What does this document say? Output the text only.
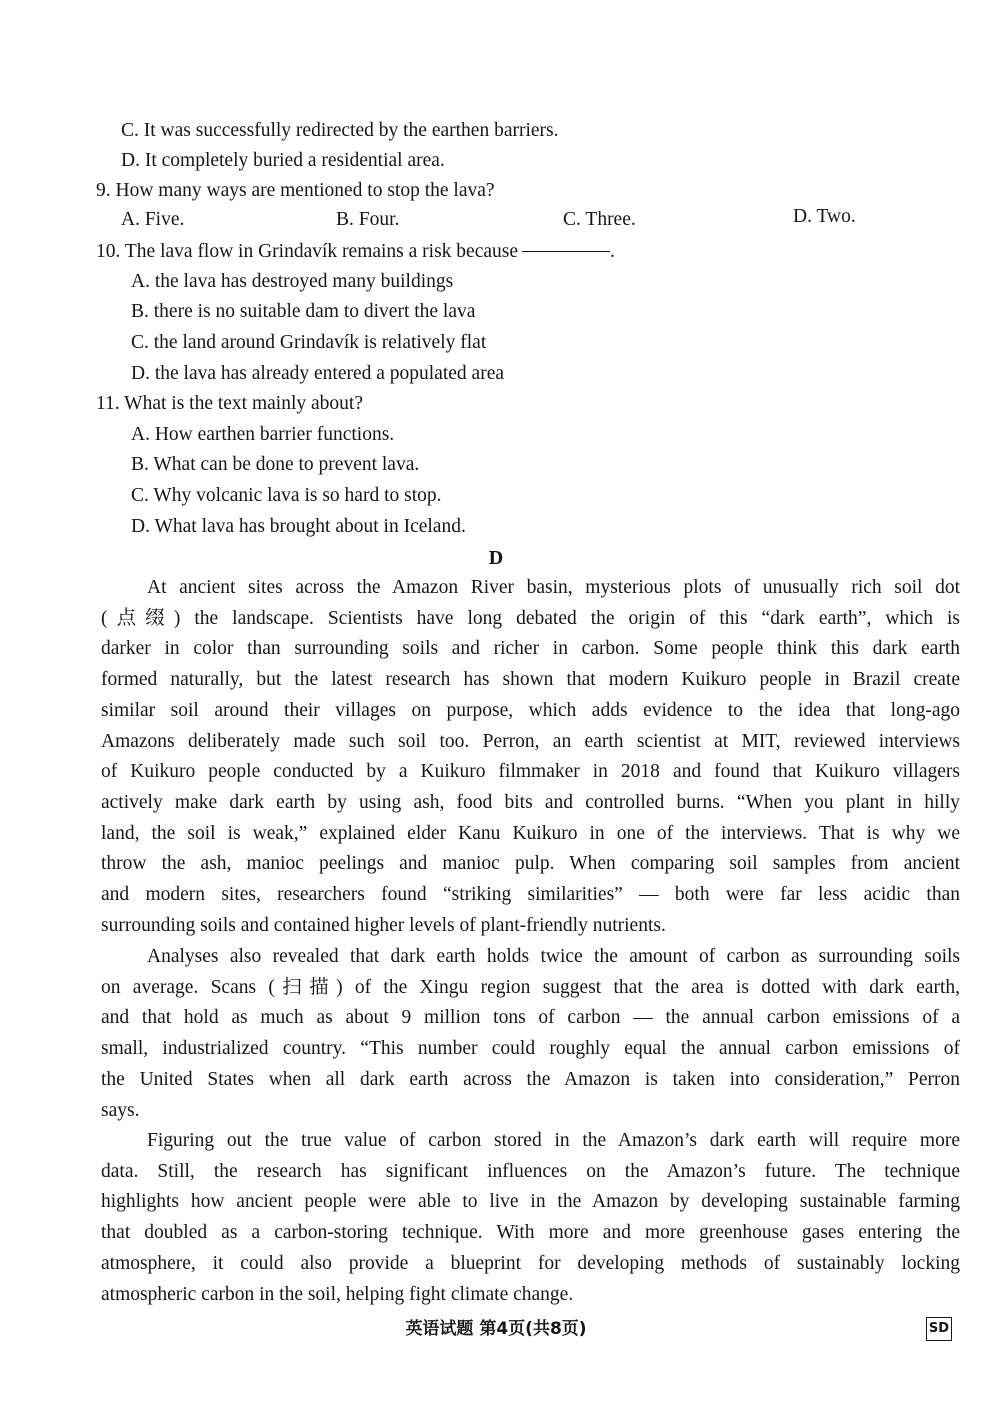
C. It was successfully redirected by the earthen barriers.
D. It completely buried a residential area.
9. How many ways are mentioned to stop the lava?
A. Five.	B. Four.	C. Three.	D. Two.
10. The lava flow in Grindavík remains a risk because	.
A. the lava has destroyed many buildings
B. there is no suitable dam to divert the lava
C. the land around Grindavík is relatively flat
D. the lava has already entered a populated area
11. What is the text mainly about?
A. How earthen barrier functions.
B. What can be done to prevent lava.
C. Why volcanic lava is so hard to stop.
D. What lava has brought about in Iceland.
D
At ancient sites across the Amazon River basin, mysterious plots of unusually rich soil dot
(点缀) the landscape. Scientists have long debated the origin of this “dark earth”, which is
darker in color than surrounding soils and richer in carbon. Some people think this dark earth
formed naturally, but the latest research has shown that modern Kuikuro people in Brazil create
similar soil around their villages on purpose, which adds evidence to the idea that long-ago
Amazons deliberately made such soil too. Perron, an earth scientist at MIT, reviewed interviews
of Kuikuro people conducted by a Kuikuro filmmaker in 2018 and found that Kuikuro villagers
actively make dark earth by using ash, food bits and controlled burns. “When you plant in hilly
land, the soil is weak,” explained elder Kanu Kuikuro in one of the interviews. That is why we
throw the ash, manioc peelings and manioc pulp. When comparing soil samples from ancient
and modern sites, researchers found “striking similarities” — both were far less acidic than
surrounding soils and contained higher levels of plant-friendly nutrients.
Analyses also revealed that dark earth holds twice the amount of carbon as surrounding soils
on average. Scans (扫描) of the Xingu region suggest that the area is dotted with dark earth,
and that hold as much as about 9 million tons of carbon — the annual carbon emissions of a
small, industrialized country. “This number could roughly equal the annual carbon emissions of
the United States when all dark earth across the Amazon is taken into consideration,” Perron
says.
Figuring out the true value of carbon stored in the Amazon’s dark earth will require more
data. Still, the research has significant influences on the Amazon’s future. The technique
highlights how ancient people were able to live in the Amazon by developing sustainable farming
that doubled as a carbon-storing technique. With more and more greenhouse gases entering the
atmosphere, it could also provide a blueprint for developing methods of sustainably locking
atmospheric carbon in the soil, helping fight climate change.
英语试题 第4页(共8页)	SD
